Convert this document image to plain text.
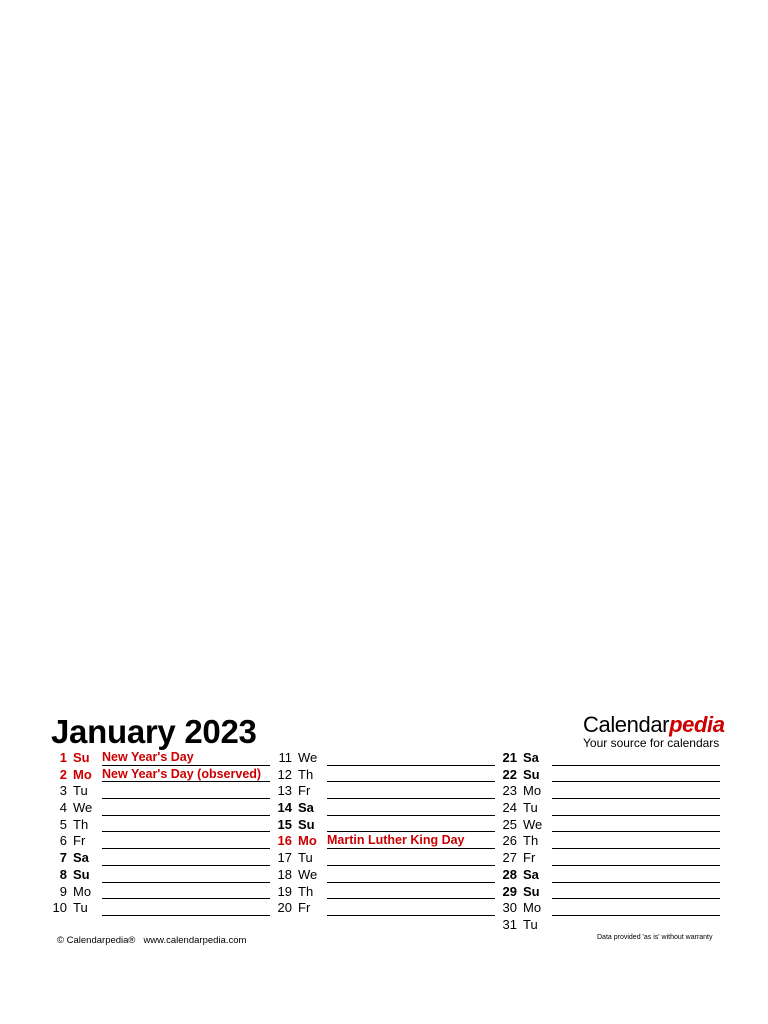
January 2023	Calendarpedia
Your source for calendars
1 Su New Year's Day
2 Mo New Year's Day (observed)
3 Tu
4 We
5 Th
6 Fr
7 Sa
8 Su
9 Mo
10 Tu
11 We
12 Th
13 Fr
14 Sa
15 Su
16 Mo Martin Luther King Day
17 Tu
18 We
19 Th
20 Fr
21 Sa
22 Su
23 Mo
24 Tu
25 We
26 Th
27 Fr
28 Sa
29 Su
30 Mo
31 Tu
© Calendarpedia® www.calendarpedia.com	Data provided 'as is' without warranty
